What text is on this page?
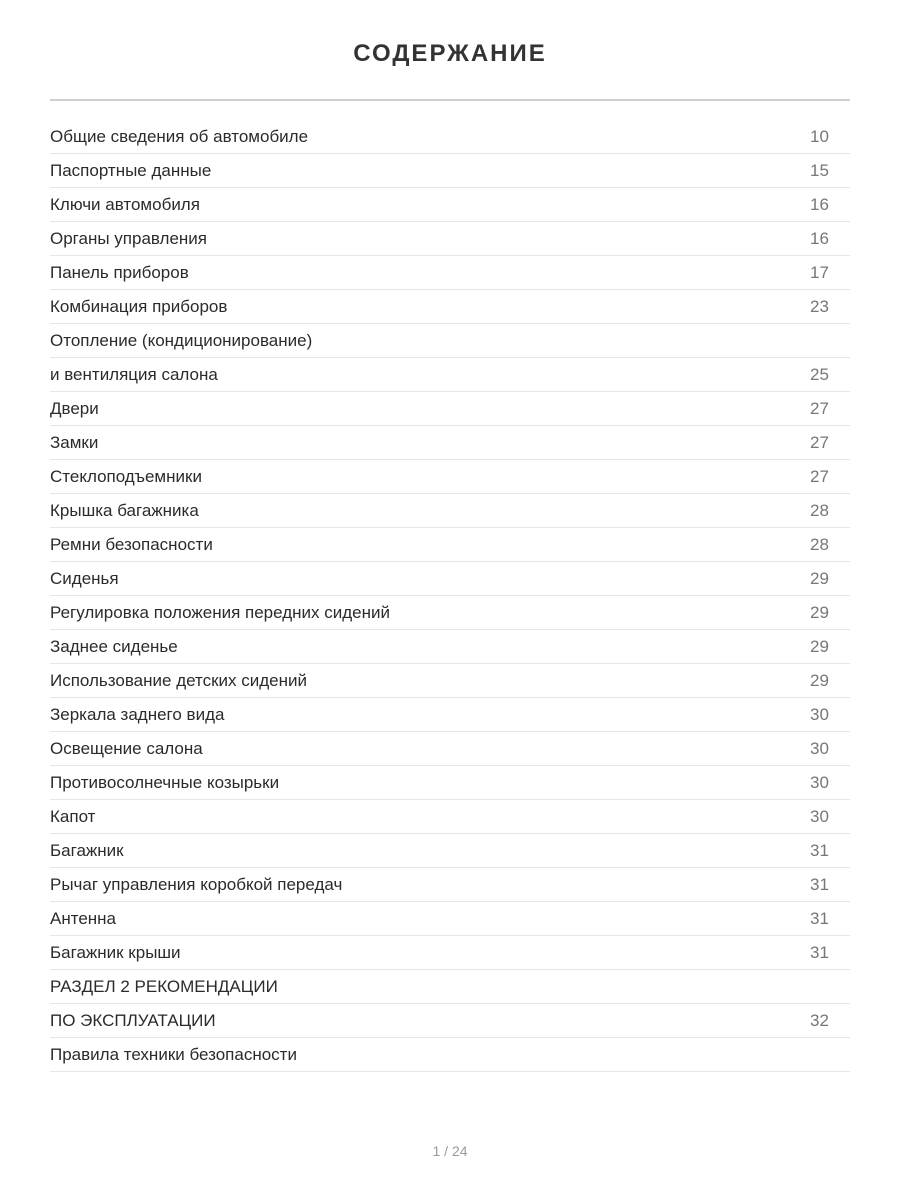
СОДЕРЖАНИЕ
Общие сведения об автомобиле	10
Паспортные данные	15
Ключи автомобиля	16
Органы управления	16
Панель приборов	17
Комбинация приборов	23
Отопление (кондиционирование)
и вентиляция салона	25
Двери	27
Замки	27
Стеклоподъемники	27
Крышка багажника	28
Ремни безопасности	28
Сиденья	29
Регулировка положения передних сидений	29
Заднее сиденье	29
Использование детских сидений	29
Зеркала заднего вида	30
Освещение салона	30
Противосолнечные козырьки	30
Капот	30
Багажник	31
Рычаг управления коробкой передач	31
Антенна	31
Багажник крыши	31
РАЗДЕЛ 2 РЕКОМЕНДАЦИИ
ПО ЭКСПЛУАТАЦИИ	32
Правила техники безопасности
1 / 24
